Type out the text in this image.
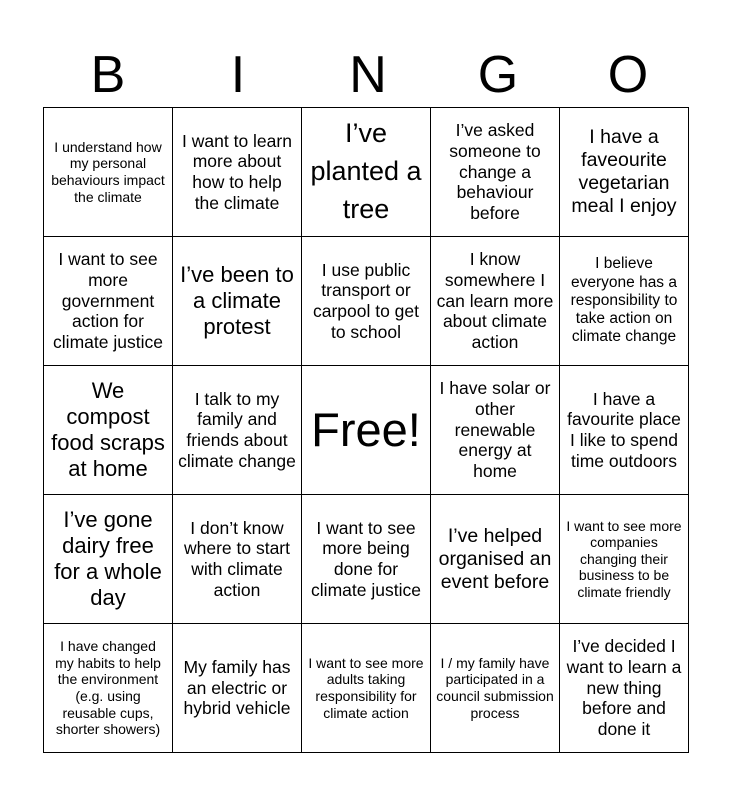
B	I	N	G	O
I understand how my personal behaviours impact the climate	I want to learn more about how to help the climate	I’ve planted a tree	I’ve asked someone to change a behaviour before	I have a faveourite vegetarian meal I enjoy
I want to see more government action for climate justice	I’ve been to a climate protest	I use public transport or carpool to get to school	I know somewhere I can learn more about climate action	I believe everyone has a responsibility to take action on climate change
We compost food scraps at home	I talk to my family and friends about climate change	Free!	I have solar or other renewable energy at home	I have a favourite place I like to spend time outdoors
I’ve gone dairy free for a whole day	I don’t know where to start with climate action	I want to see more being done for climate justice	I’ve helped organised an event before	I want to see more companies changing their business to be climate friendly
I have changed my habits to help the environment (e.g. using reusable cups, shorter showers)	My family has an electric or hybrid vehicle	I want to see more adults taking responsibility for climate action	I / my family have participated in a council submission process	I’ve decided I want to learn a new thing before and done it
